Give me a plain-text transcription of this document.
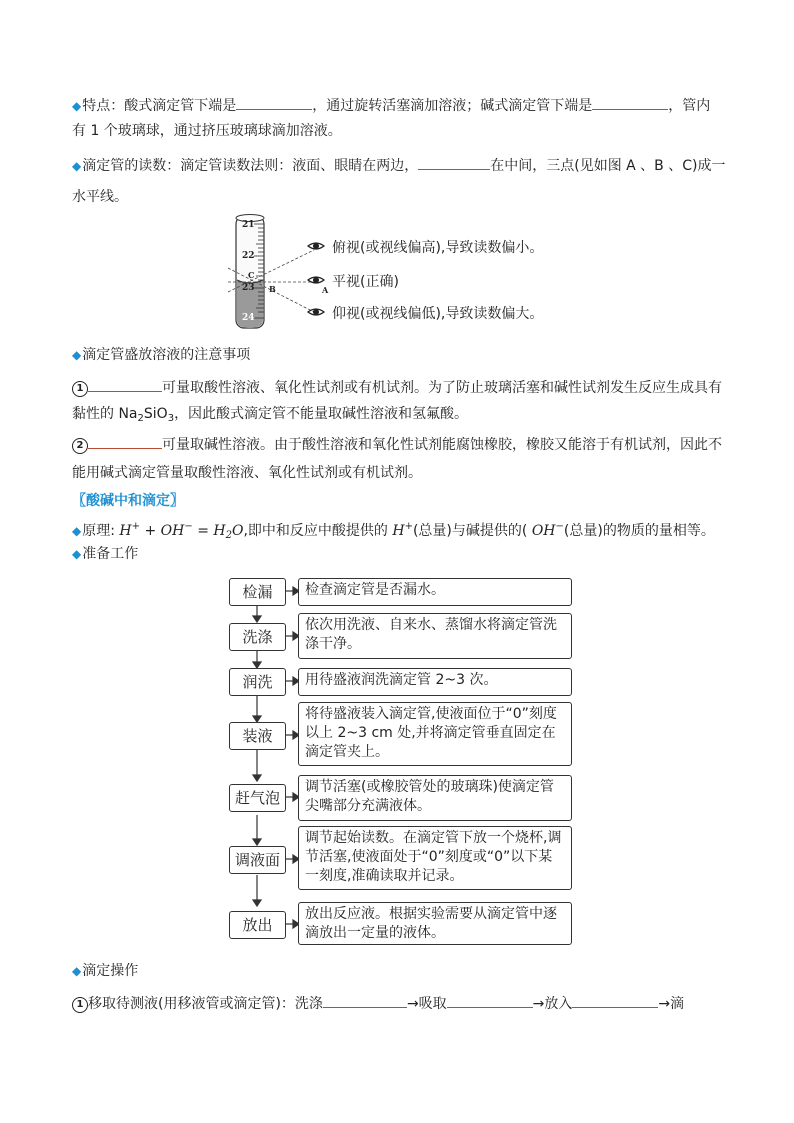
◆特点：酸式滴定管下端是	，通过旋转活塞滴加溶液；碱式滴定管下端是	，管内
有 1 个玻璃球，通过挤压玻璃球滴加溶液。
◆滴定管的读数：滴定管读数法则：液面、眼睛在两边，	在中间，三点(见如图 A 、B 、C)成一
水平线。
21
22
23
24
C
B	A
俯视(或视线偏高),导致读数偏小。
平视(正确)
仰视(或视线偏低),导致读数偏大。
◆滴定管盛放溶液的注意事项
1	可量取酸性溶液、氧化性试剂或有机试剂。为了防止玻璃活塞和碱性试剂发生反应生成具有
黏性的 $Na_2SiO_3$，因此酸式滴定管不能量取碱性溶液和氢氟酸。
2	可量取碱性溶液。由于酸性溶液和氧化性试剂能腐蚀橡胶，橡胶又能溶于有机试剂，因此不
能用碱式滴定管量取酸性溶液、氧化性试剂或有机试剂。
〖酸碱中和滴定〗
◆原理: $H^+ + OH^- = H_2O$,即中和反应中酸提供的 H+(总量)与碱提供的( OH−(总量)的物质的量相等。
◆准备工作
检漏	检查滴定管是否漏水。
洗涤
依次用洗液、自来水、蒸馏水将滴定管洗涤干净。
润洗	用待盛液润洗滴定管 2~3 次。
装液
将待盛液装入滴定管,使液面位于“0”刻度以上 2~3 cm 处,并将滴定管垂直固定在滴定管夹上。
赶气泡
调节活塞(或橡胶管处的玻璃珠)使滴定管尖嘴部分充满液体。
调液面
调节起始读数。在滴定管下放一个烧杯,调节活塞,使液面处于“0”刻度或“0”以下某一刻度,准确读取并记录。
放出
放出反应液。根据实验需要从滴定管中逐滴放出一定量的液体。
◆滴定操作
1 移取待测液(用移液管或滴定管)：洗涤	→吸取	→放入	→滴
